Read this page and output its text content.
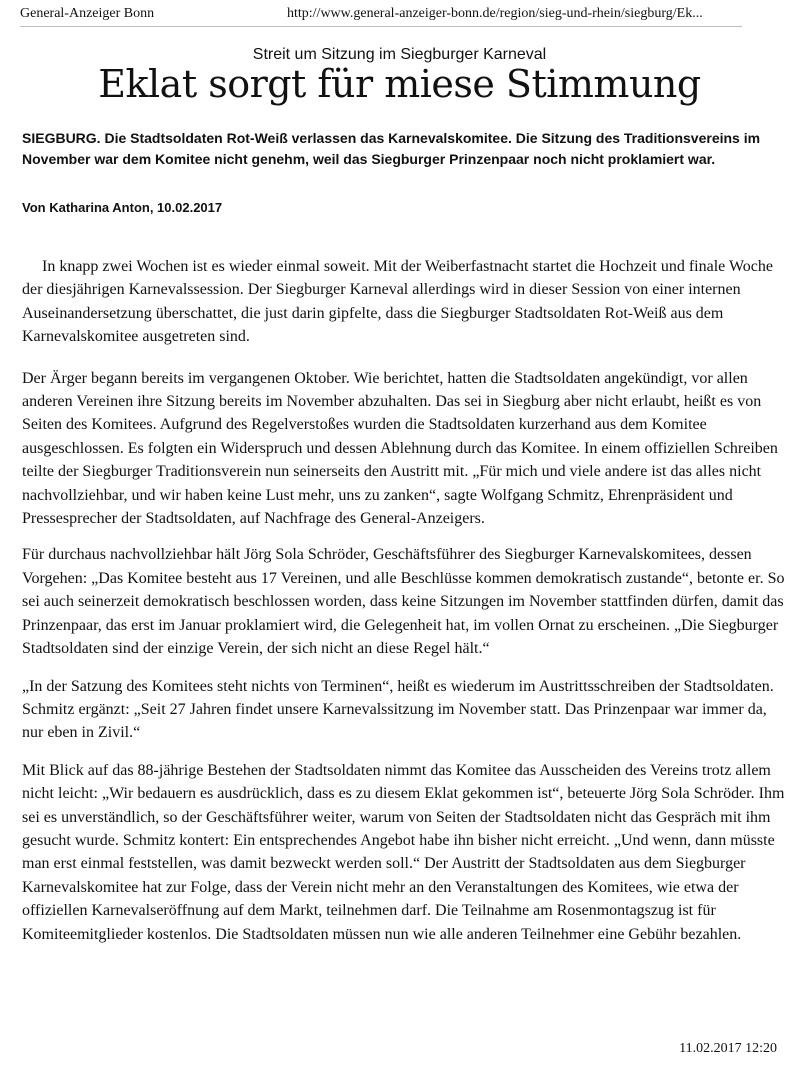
General-Anzeiger Bonn	http://www.general-anzeiger-bonn.de/region/sieg-und-rhein/siegburg/Ek...
Streit um Sitzung im Siegburger Karneval
Eklat sorgt für miese Stimmung

SIEGBURG. Die Stadtsoldaten Rot-Weiß verlassen das Karnevalskomitee. Die Sitzung des Traditionsvereins im November war dem Komitee nicht genehm, weil das Siegburger Prinzenpaar noch nicht proklamiert war.

Von Katharina Anton, 10.02.2017

In knapp zwei Wochen ist es wieder einmal soweit. Mit der Weiberfastnacht startet die Hochzeit und finale Woche der diesjährigen Karnevalssession. Der Siegburger Karneval allerdings wird in dieser Session von einer internen Auseinandersetzung überschattet, die just darin gipfelte, dass die Siegburger Stadtsoldaten Rot-Weiß aus dem Karnevalskomitee ausgetreten sind.

Der Ärger begann bereits im vergangenen Oktober. Wie berichtet, hatten die Stadtsoldaten angekündigt, vor allen anderen Vereinen ihre Sitzung bereits im November abzuhalten. Das sei in Siegburg aber nicht erlaubt, heißt es von Seiten des Komitees. Aufgrund des Regelverstoßes wurden die Stadtsoldaten kurzerhand aus dem Komitee ausgeschlossen. Es folgten ein Widerspruch und dessen Ablehnung durch das Komitee. In einem offiziellen Schreiben teilte der Siegburger Traditionsverein nun seinerseits den Austritt mit. „Für mich und viele andere ist das alles nicht nachvollziehbar, und wir haben keine Lust mehr, uns zu zanken“, sagte Wolfgang Schmitz, Ehrenpräsident und Pressesprecher der Stadtsoldaten, auf Nachfrage des General-Anzeigers.

Für durchaus nachvollziehbar hält Jörg Sola Schröder, Geschäftsführer des Siegburger Karnevalskomitees, dessen Vorgehen: „Das Komitee besteht aus 17 Vereinen, und alle Beschlüsse kommen demokratisch zustande“, betonte er. So sei auch seinerzeit demokratisch beschlossen worden, dass keine Sitzungen im November stattfinden dürfen, damit das Prinzenpaar, das erst im Januar proklamiert wird, die Gelegenheit hat, im vollen Ornat zu erscheinen. „Die Siegburger Stadtsoldaten sind der einzige Verein, der sich nicht an diese Regel hält.“

„In der Satzung des Komitees steht nichts von Terminen“, heißt es wiederum im Austrittsschreiben der Stadtsoldaten. Schmitz ergänzt: „Seit 27 Jahren findet unsere Karnevalssitzung im November statt. Das Prinzenpaar war immer da, nur eben in Zivil.“

Mit Blick auf das 88-jährige Bestehen der Stadtsoldaten nimmt das Komitee das Ausscheiden des Vereins trotz allem nicht leicht: „Wir bedauern es ausdrücklich, dass es zu diesem Eklat gekommen ist“, beteuerte Jörg Sola Schröder. Ihm sei es unverständlich, so der Geschäftsführer weiter, warum von Seiten der Stadtsoldaten nicht das Gespräch mit ihm gesucht wurde. Schmitz kontert: Ein entsprechendes Angebot habe ihn bisher nicht erreicht. „Und wenn, dann müsste man erst einmal feststellen, was damit bezweckt werden soll.“ Der Austritt der Stadtsoldaten aus dem Siegburger Karnevalskomitee hat zur Folge, dass der Verein nicht mehr an den Veranstaltungen des Komitees, wie etwa der offiziellen Karnevalseröffnung auf dem Markt, teilnehmen darf. Die Teilnahme am Rosenmontagszug ist für Komiteemitglieder kostenlos. Die Stadtsoldaten müssen nun wie alle anderen Teilnehmer eine Gebühr bezahlen.

11.02.2017 12:20
